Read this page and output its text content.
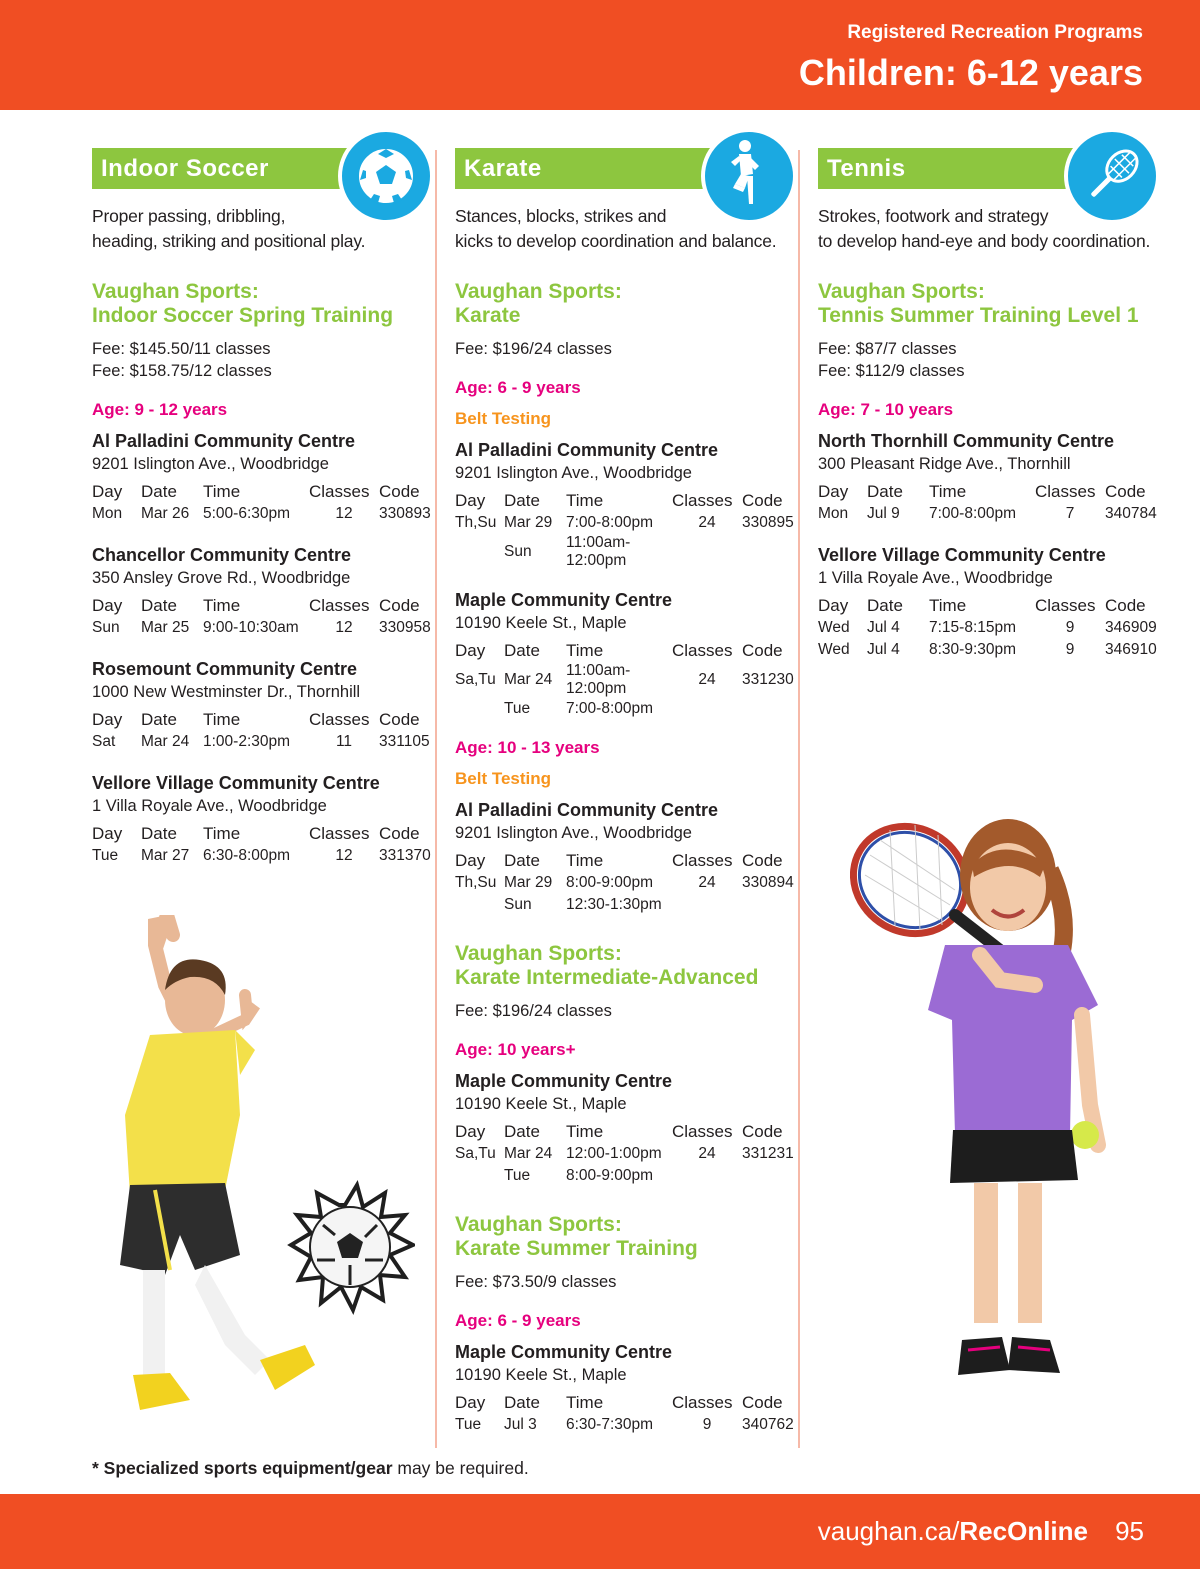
Registered Recreation Programs
Children: 6-12 years
Indoor Soccer
Proper passing, dribbling,
heading, striking and positional play.
Vaughan Sports:
Indoor Soccer Spring Training
Fee: $145.50/11 classes
Fee: $158.75/12 classes
Age: 9 - 12 years
Al Palladini Community Centre
9201 Islington Ave., Woodbridge
Day	Date	Time	Classes	Code
Mon	Mar 26	5:00-6:30pm	12	330893
Chancellor Community Centre
350 Ansley Grove Rd., Woodbridge
Day	Date	Time	Classes	Code
Sun	Mar 25	9:00-10:30am	12	330958
Rosemount Community Centre
1000 New Westminster Dr., Thornhill
Day	Date	Time	Classes	Code
Sat	Mar 24	1:00-2:30pm	11	331105
Vellore Village Community Centre
1 Villa Royale Ave., Woodbridge
Day	Date	Time	Classes	Code
Tue	Mar 27	6:30-8:00pm	12	331370
Karate
Stances, blocks, strikes and
kicks to develop coordination and balance.
Vaughan Sports:
Karate
Fee: $196/24 classes
Age: 6 - 9 years
Belt Testing
Al Palladini Community Centre
9201 Islington Ave., Woodbridge
Day	Date	Time	Classes	Code
Th,Su	Mar 29	7:00-8:00pm	24	330895
	Sun	11:00am-12:00pm		
Maple Community Centre
10190 Keele St., Maple
Day	Date	Time	Classes	Code
Sa,Tu	Mar 24	11:00am-12:00pm	24	331230
	Tue	7:00-8:00pm		
Age: 10 - 13 years
Belt Testing
Al Palladini Community Centre
9201 Islington Ave., Woodbridge
Day	Date	Time	Classes	Code
Th,Su	Mar 29	8:00-9:00pm	24	330894
	Sun	12:30-1:30pm		
Vaughan Sports:
Karate Intermediate-Advanced
Fee: $196/24 classes
Age: 10 years+
Maple Community Centre
10190 Keele St., Maple
Day	Date	Time	Classes	Code
Sa,Tu	Mar 24	12:00-1:00pm	24	331231
	Tue	8:00-9:00pm		
Vaughan Sports:
Karate Summer Training
Fee: $73.50/9 classes
Age: 6 - 9 years
Maple Community Centre
10190 Keele St., Maple
Day	Date	Time	Classes	Code
Tue	Jul 3	6:30-7:30pm	9	340762
Tennis
Strokes, footwork and strategy
to develop hand-eye and body coordination.
Vaughan Sports:
Tennis Summer Training Level 1
Fee: $87/7 classes
Fee: $112/9 classes
Age: 7 - 10 years
North Thornhill Community Centre
300 Pleasant Ridge Ave., Thornhill
Day	Date	Time	Classes	Code
Mon	Jul 9	7:00-8:00pm	7	340784
Vellore Village Community Centre
1 Villa Royale Ave., Woodbridge
Day	Date	Time	Classes	Code
Wed	Jul 4	7:15-8:15pm	9	346909
Wed	Jul 4	8:30-9:30pm	9	346910
* Specialized sports equipment/gear may be required.
vaughan.ca/RecOnline 95
